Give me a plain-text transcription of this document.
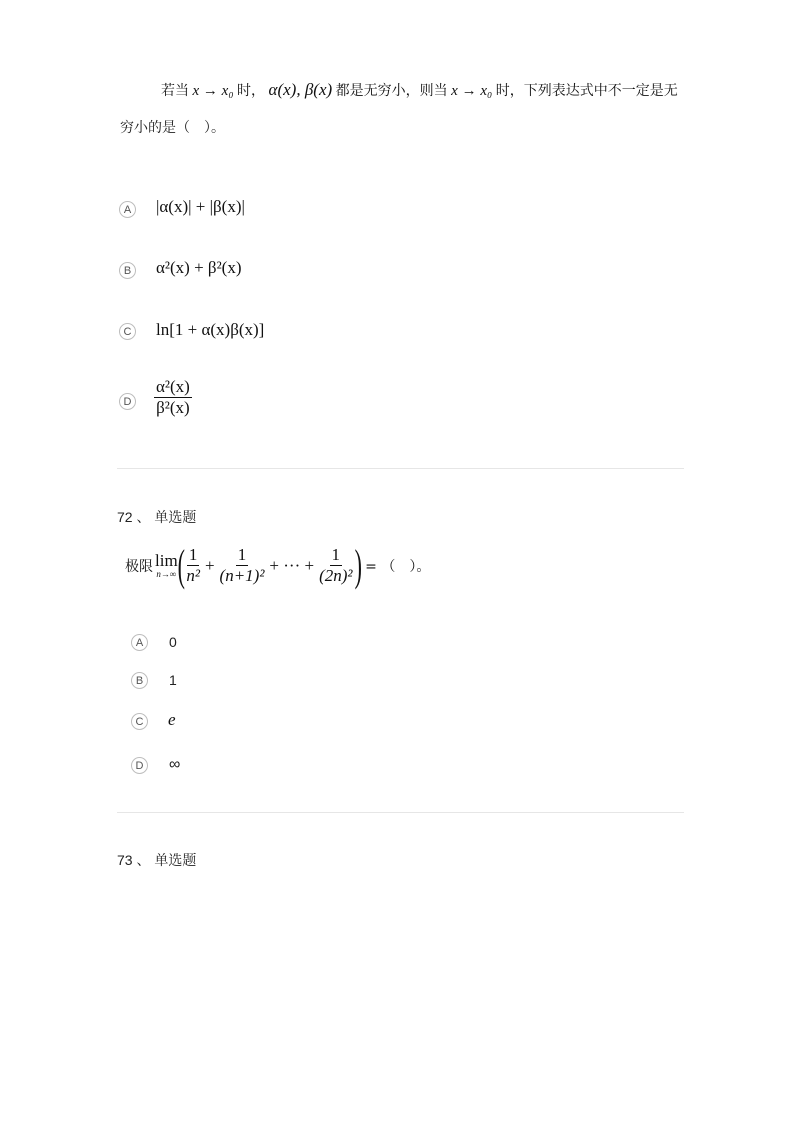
若当 x → x₀ 时， α(x), β(x) 都是无穷小，则当 x → x₀ 时，下列表达式中不一定是无
穷小的是（　）。
A |α(x)| + |β(x)|
B α²(x) + β²(x)
C ln[1 + α(x)β(x)]
D $\frac{\text{α²(x)}}{\text{β²(x)}}$
72 、 单选题
极限 lim
n→∞ ( $\frac{1}{\text{n²}} + \frac{1}{\text{(n+1)²}}$ + ··· + $\frac{1}{\text{(2n)²}}$ ) = （　）。
A	0
B	1
C e
D ∞
73 、 单选题
